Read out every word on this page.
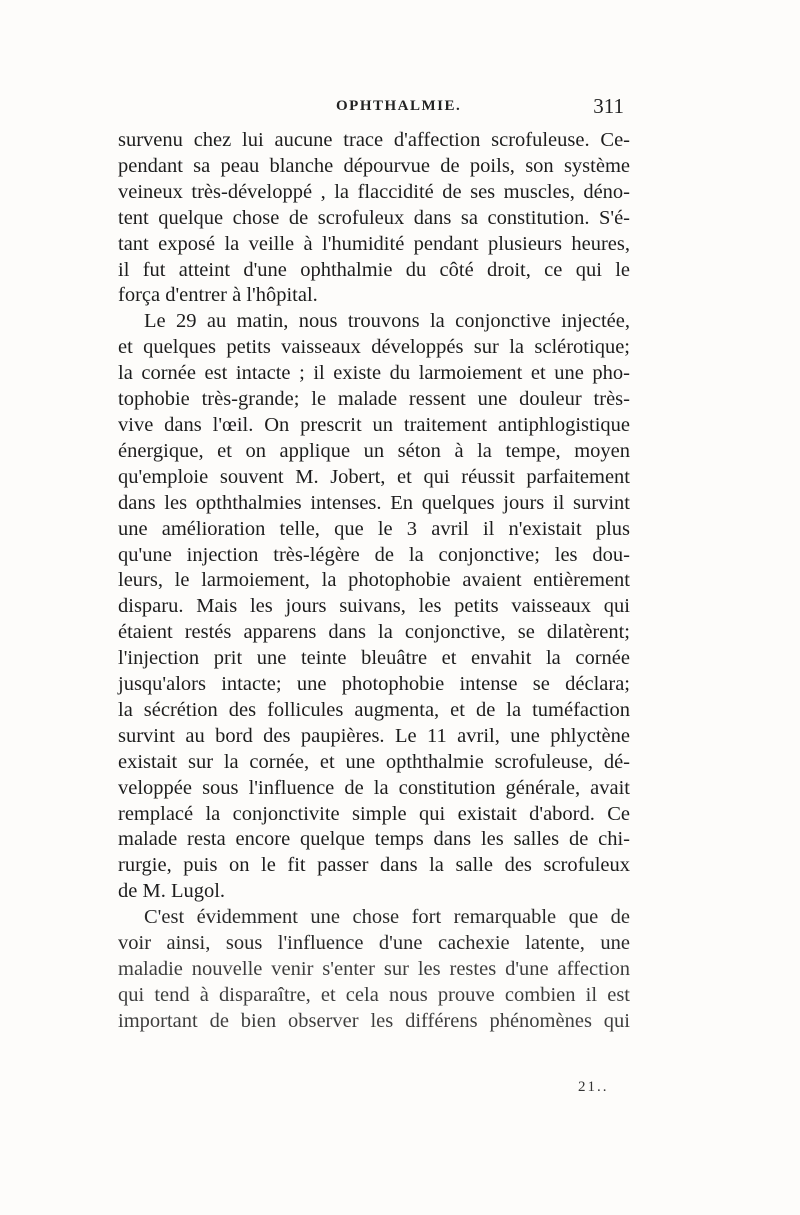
OPHTHALMIE.	311
survenu chez lui aucune trace d'affection scrofuleuse. Ce-
pendant sa peau blanche dépourvue de poils, son système
veineux très-développé , la flaccidité de ses muscles, déno-
tent quelque chose de scrofuleux dans sa constitution. S'é-
tant exposé la veille à l'humidité pendant plusieurs heures,
il fut atteint d'une ophthalmie du côté droit, ce qui le
força d'entrer à l'hôpital.
Le 29 au matin, nous trouvons la conjonctive injectée,
et quelques petits vaisseaux développés sur la sclérotique;
la cornée est intacte ; il existe du larmoiement et une pho-
tophobie très-grande; le malade ressent une douleur très-
vive dans l'œil. On prescrit un traitement antiphlogistique
énergique, et on applique un séton à la tempe, moyen
qu'emploie souvent M. Jobert, et qui réussit parfaitement
dans les opththalmies intenses. En quelques jours il survint
une amélioration telle, que le 3 avril il n'existait plus
qu'une injection très-légère de la conjonctive; les dou-
leurs, le larmoiement, la photophobie avaient entièrement
disparu. Mais les jours suivans, les petits vaisseaux qui
étaient restés apparens dans la conjonctive, se dilatèrent;
l'injection prit une teinte bleuâtre et envahit la cornée
jusqu'alors intacte; une photophobie intense se déclara;
la sécrétion des follicules augmenta, et de la tuméfaction
survint au bord des paupières. Le 11 avril, une phlyctène
existait sur la cornée, et une opththalmie scrofuleuse, dé-
veloppée sous l'influence de la constitution générale, avait
remplacé la conjonctivite simple qui existait d'abord. Ce
malade resta encore quelque temps dans les salles de chi-
rurgie, puis on le fit passer dans la salle des scrofuleux
de M. Lugol.
C'est évidemment une chose fort remarquable que de
voir ainsi, sous l'influence d'une cachexie latente, une
maladie nouvelle venir s'enter sur les restes d'une affection
qui tend à disparaître, et cela nous prouve combien il est
important de bien observer les différens phénomènes qui
21..
